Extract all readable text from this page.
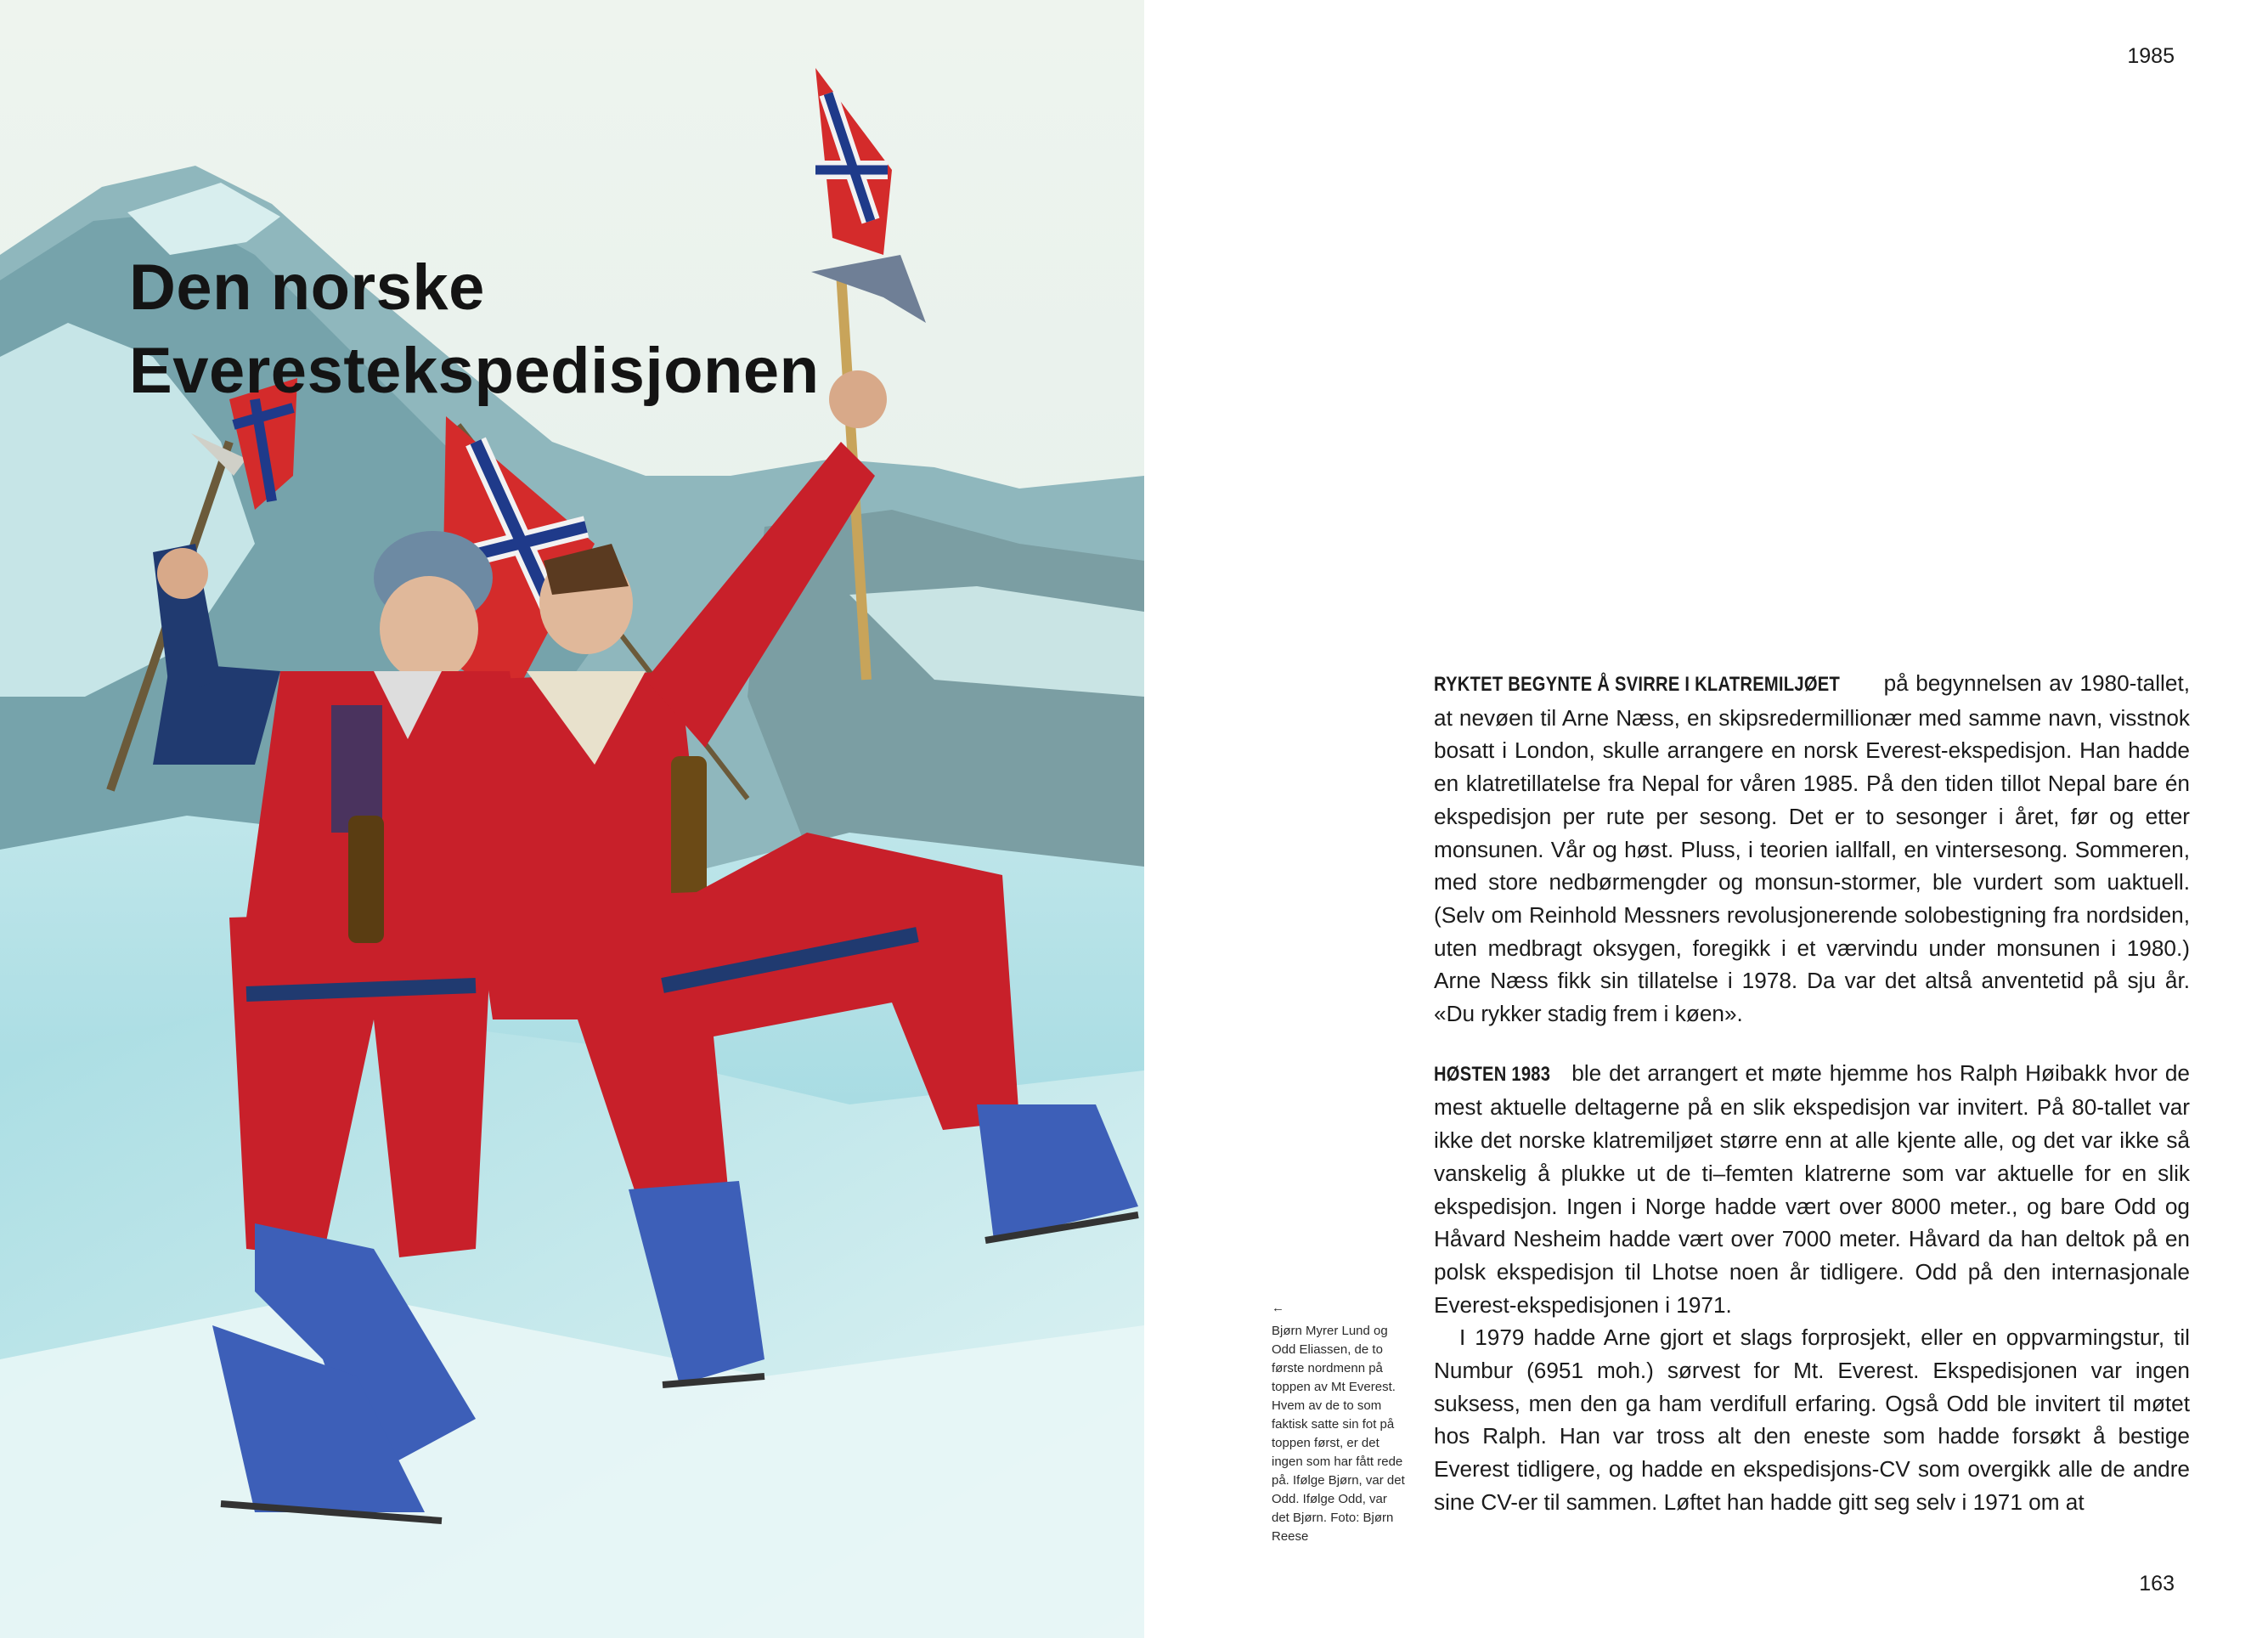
1985
Den norske
Everestekspedisjonen
←
Bjørn Myrer Lund og Odd Eliassen, de to første nordmenn på toppen av Mt Everest. Hvem av de to som faktisk satte sin fot på toppen først, er det ingen som har fått rede på. Ifølge Bjørn, var det Odd. Ifølge Odd, var det Bjørn. Foto: Bjørn Reese

RYKTET BEGYNTE Å SVIRRE I KLATREMILJØET på begynnelsen av 1980-tallet, at nevøen til Arne Næss, en skipsredermillionær med samme navn, visstnok bosatt i London, skulle arrangere en norsk Everest-ekspedisjon. Han hadde en klatretillatelse fra Nepal for våren 1985. På den tiden tillot Nepal bare én ekspedisjon per rute per sesong. Det er to sesonger i året, før og etter monsunen. Vår og høst. Pluss, i teorien iallfall, en vintersesong. Sommeren, med store nedbørmengder og monsun-stormer, ble vurdert som uaktuell. (Selv om Reinhold Messners revolusjonerende solobestigning fra nordsiden, uten medbragt oksygen, foregikk i et værvindu under monsunen i 1980.) Arne Næss fikk sin tillatelse i 1978. Da var det altså anventetid på sju år. «Du rykker stadig frem i køen».

HØSTEN 1983 ble det arrangert et møte hjemme hos Ralph Høibakk hvor de mest aktuelle deltagerne på en slik ekspedisjon var invitert. På 80-tallet var ikke det norske klatremiljøet større enn at alle kjente alle, og det var ikke så vanskelig å plukke ut de ti–femten klatrerne som var aktuelle for en slik ekspedisjon. Ingen i Norge hadde vært over 8000 meter., og bare Odd og Håvard Nesheim hadde vært over 7000 meter. Håvard da han deltok på en polsk ekspedisjon til Lhotse noen år tidligere. Odd på den internasjonale Everest-ekspedisjonen i 1971.

I 1979 hadde Arne gjort et slags forprosjekt, eller en oppvarmingstur, til Numbur (6951 moh.) sørvest for Mt. Everest. Ekspedisjonen var ingen suksess, men den ga ham verdifull erfaring. Også Odd ble invitert til møtet hos Ralph. Han var tross alt den eneste som hadde forsøkt å bestige Everest tidligere, og hadde en ekspedisjons-CV som overgikk alle de andre sine CV-er til sammen. Løftet han hadde gitt seg selv i 1971 om at

163
